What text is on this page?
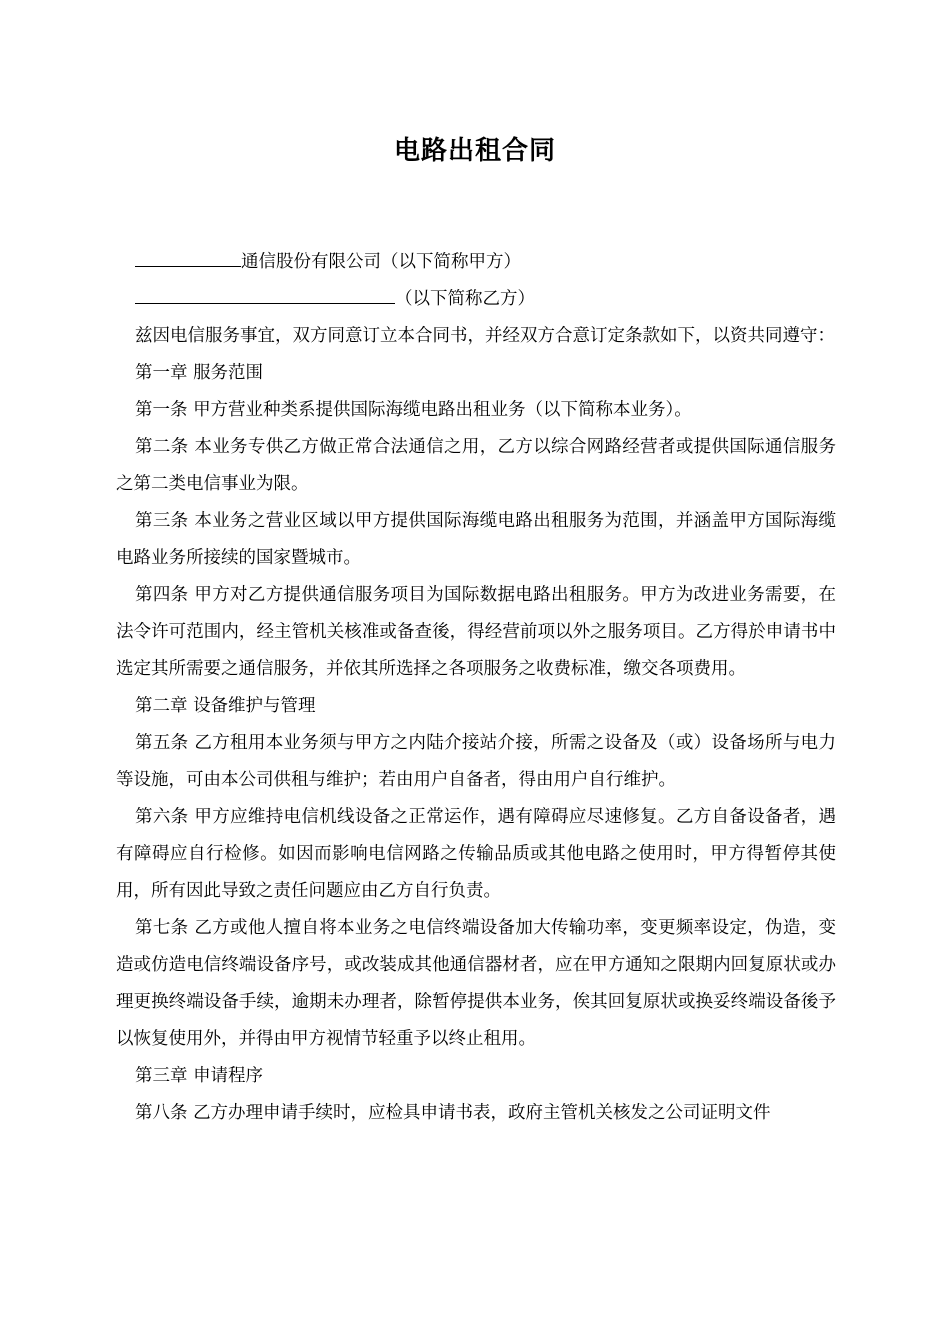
电路出租合同

通信股份有限公司（以下简称甲方）

（以下简称乙方）

兹因电信服务事宜，双方同意订立本合同书，并经双方合意订定条款如下，以资共同遵守：

第一章 服务范围

第一条 甲方营业种类系提供国际海缆电路出租业务（以下简称本业务）。

第二条 本业务专供乙方做正常合法通信之用，乙方以综合网路经营者或提供国际通信服务之第二类电信事业为限。

第三条 本业务之营业区域以甲方提供国际海缆电路出租服务为范围，并涵盖甲方国际海缆电路业务所接续的国家暨城市。

第四条 甲方对乙方提供通信服务项目为国际数据电路出租服务。甲方为改进业务需要，在法令许可范围内，经主管机关核准或备查後，得经营前项以外之服务项目。乙方得於申请书中选定其所需要之通信服务，并依其所选择之各项服务之收费标准，缴交各项费用。

第二章 设备维护与管理

第五条 乙方租用本业务须与甲方之内陆介接站介接，所需之设备及（或）设备场所与电力等设施，可由本公司供租与维护；若由用户自备者，得由用户自行维护。

第六条 甲方应维持电信机线设备之正常运作，遇有障碍应尽速修复。乙方自备设备者，遇有障碍应自行检修。如因而影响电信网路之传输品质或其他电路之使用时，甲方得暂停其使用，所有因此导致之责任问题应由乙方自行负责。

第七条 乙方或他人擅自将本业务之电信终端设备加大传输功率，变更频率设定，伪造，变造或仿造电信终端设备序号，或改装成其他通信器材者，应在甲方通知之限期内回复原状或办理更换终端设备手续，逾期未办理者，除暂停提供本业务，俟其回复原状或换妥终端设备後予以恢复使用外，并得由甲方视情节轻重予以终止租用。

第三章 申请程序

第八条 乙方办理申请手续时，应检具申请书表，政府主管机关核发之公司证明文件
